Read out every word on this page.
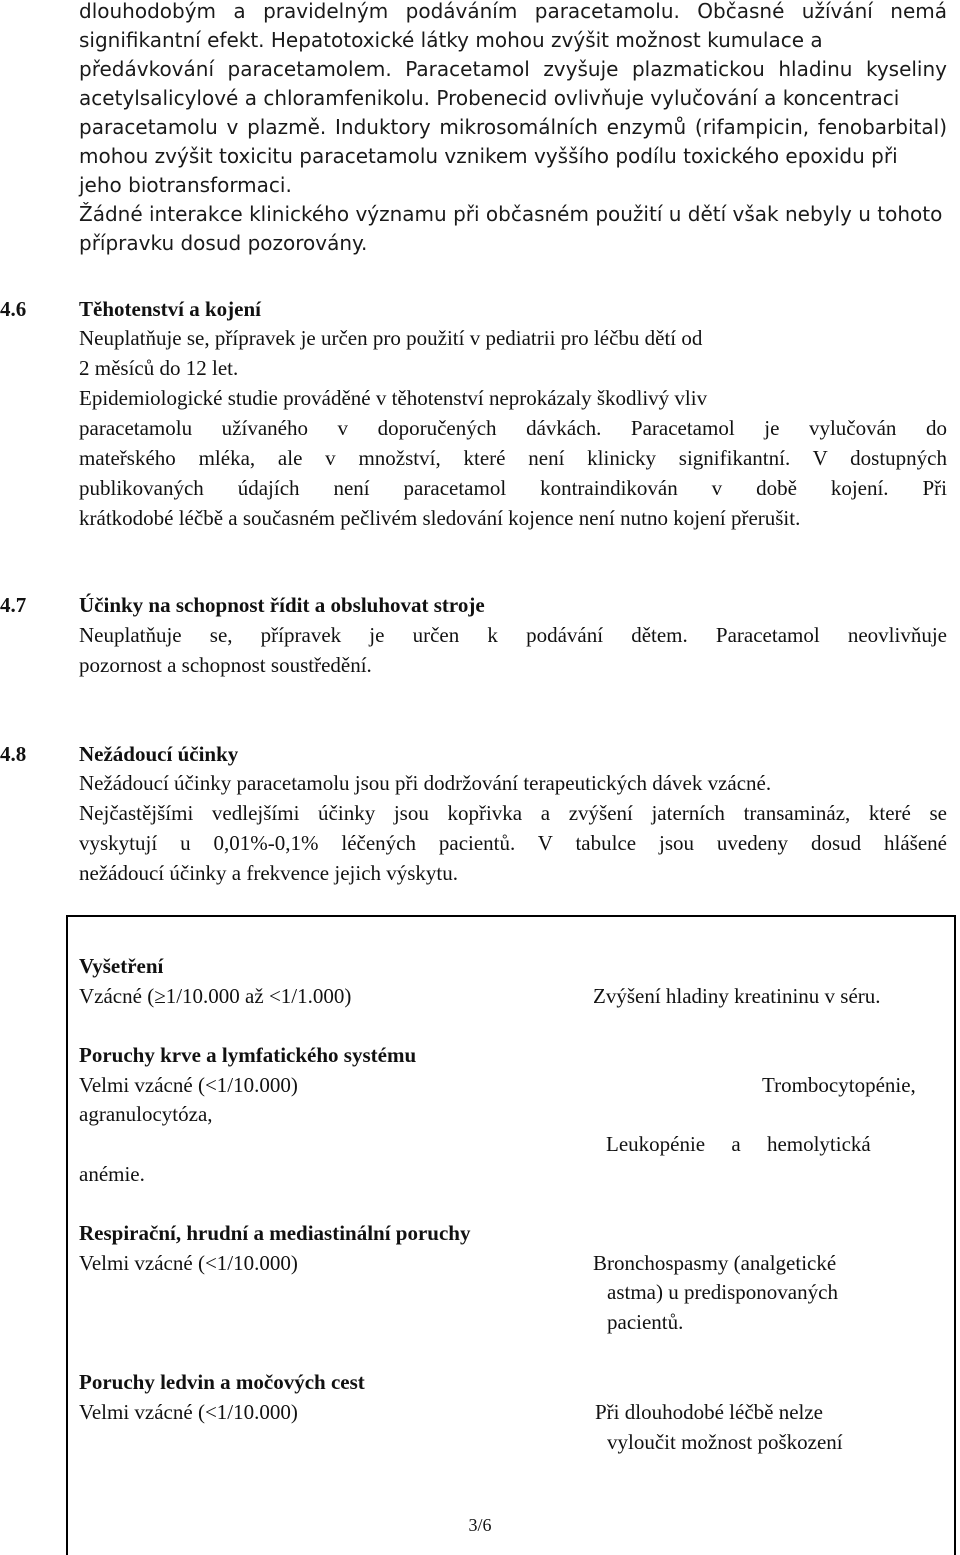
dlouhodobým a pravidelným podáváním paracetamolu. Občasné užívání nemá
signifikantní efekt. Hepatotoxické látky mohou zvýšit možnost kumulace a
předávkování paracetamolem. Paracetamol zvyšuje plazmatickou hladinu kyseliny
acetylsalicylové a chloramfenikolu. Probenecid ovlivňuje vylučování a koncentraci
paracetamolu v plazmě. Induktory mikrosomálních enzymů (rifampicin, fenobarbital)
mohou zvýšit toxicitu paracetamolu vznikem vyššího podílu toxického epoxidu při
jeho biotransformaci.
Žádné interakce klinického významu při občasném použití u dětí však nebyly u tohoto
přípravku dosud pozorovány.
4.6	Těhotenství a kojení
Neuplatňuje se, přípravek je určen pro použití v pediatrii pro léčbu dětí od
2 měsíců do 12 let.
Epidemiologické studie prováděné v těhotenství neprokázaly škodlivý vliv
paracetamolu užívaného v doporučených dávkách. Paracetamol je vylučován do
mateřského mléka, ale v množství, které není klinicky signifikantní. V dostupných
publikovaných údajích není paracetamol kontraindikován v době kojení. Při
krátkodobé léčbě a současném pečlivém sledování kojence není nutno kojení přerušit.
4.7	Účinky na schopnost řídit a obsluhovat stroje
Neuplatňuje se, přípravek je určen k podávání dětem. Paracetamol neovlivňuje
pozornost a schopnost soustředění.
4.8	Nežádoucí účinky
Nežádoucí účinky paracetamolu jsou při dodržování terapeutických dávek vzácné.
Nejčastějšími vedlejšími účinky jsou kopřivka a zvýšení jaterních transamináz, které se
vyskytují u 0,01%-0,1% léčených pacientů. V tabulce jsou uvedeny dosud hlášené
nežádoucí účinky a frekvence jejich výskytu.
Vyšetření
Vzácné (≥1/10.000 až <1/1.000)	Zvýšení hladiny kreatininu v séru.
Poruchy krve a lymfatického systému
Velmi vzácné (<1/10.000)	Trombocytopénie,
agranulocytóza,
Leukopénie     a     hemolytická
anémie.
Respirační, hrudní a mediastinální poruchy
Velmi vzácné (<1/10.000)	Bronchospasmy (analgetické
astma) u predisponovaných
pacientů.
Poruchy ledvin a močových cest
Velmi vzácné (<1/10.000)	Při dlouhodobé léčbě nelze
vyloučit možnost poškození
3/6
